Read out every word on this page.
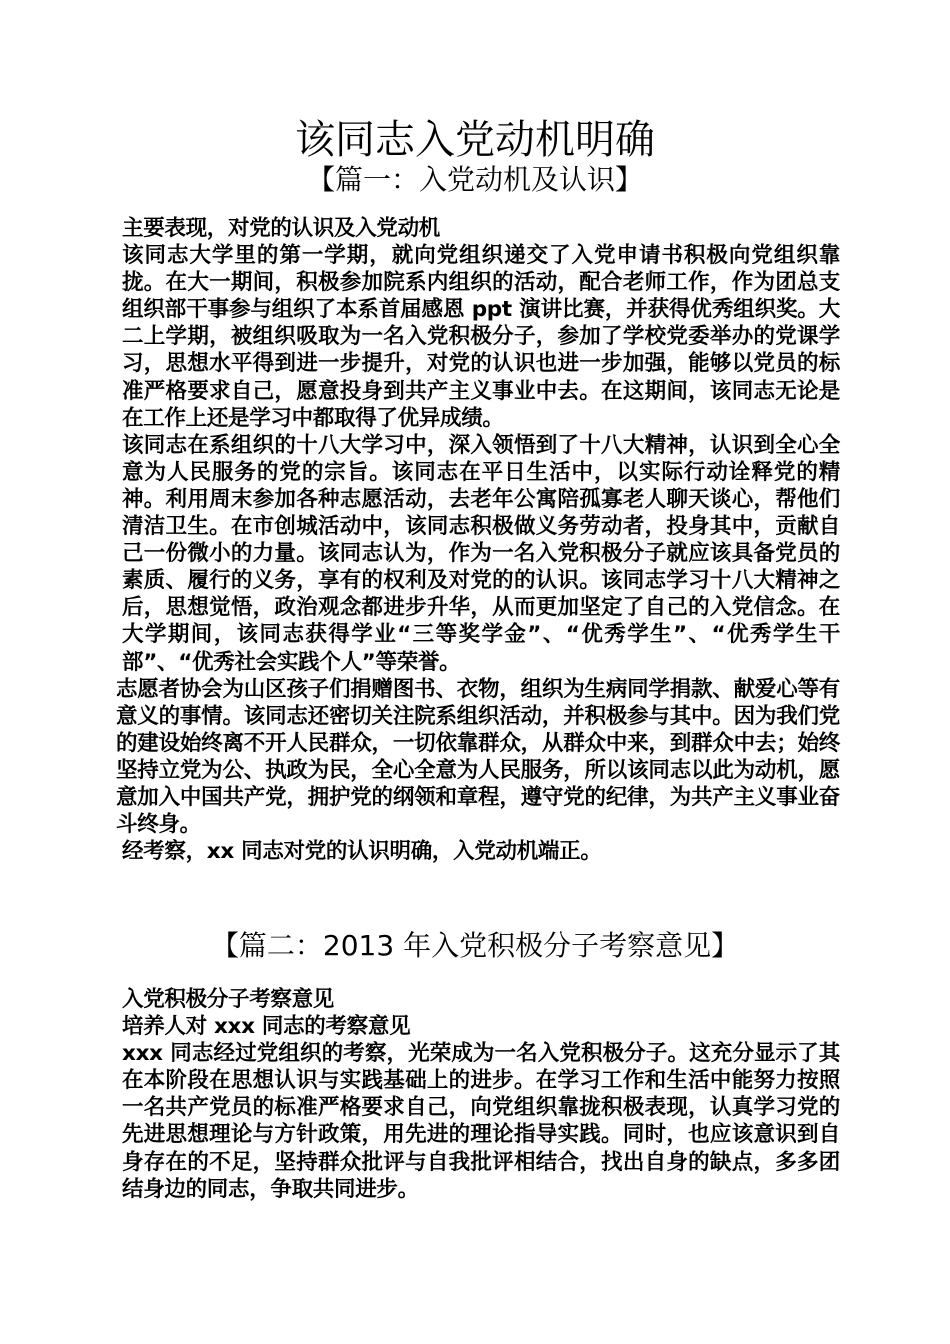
该同志入党动机明确
【篇一：入党动机及认识】

主要表现，对党的认识及入党动机

该同志大学里的第一学期，就向党组织递交了入党申请书积极向党组织靠拢。在大一期间，积极参加院系内组织的活动，配合老师工作，作为团总支组织部干事参与组织了本系首届感恩 ppt 演讲比赛，并获得优秀组织奖。大二上学期，被组织吸取为一名入党积极分子，参加了学校党委举办的党课学习，思想水平得到进一步提升，对党的认识也进一步加强，能够以党员的标准严格要求自己，愿意投身到共产主义事业中去。在这期间，该同志无论是在工作上还是学习中都取得了优异成绩。

该同志在系组织的十八大学习中，深入领悟到了十八大精神，认识到全心全意为人民服务的党的宗旨。该同志在平日生活中，以实际行动诠释党的精神。利用周末参加各种志愿活动，去老年公寓陪孤寡老人聊天谈心，帮他们清洁卫生。在市创城活动中，该同志积极做义务劳动者，投身其中，贡献自己一份微小的力量。该同志认为，作为一名入党积极分子就应该具备党员的素质、履行的义务，享有的权利及对党的的认识。该同志学习十八大精神之后，思想觉悟，政治观念都进步升华，从而更加坚定了自己的入党信念。在大学期间，该同志获得学业“三等奖学金”、“优秀学生”、“优秀学生干部”、“优秀社会实践个人”等荣誉。

志愿者协会为山区孩子们捐赠图书、衣物，组织为生病同学捐款、献爱心等有意义的事情。该同志还密切关注院系组织活动，并积极参与其中。因为我们党的建设始终离不开人民群众，一切依靠群众，从群众中来，到群众中去；始终坚持立党为公、执政为民，全心全意为人民服务，所以该同志以此为动机，愿意加入中国共产党，拥护党的纲领和章程，遵守党的纪律，为共产主义事业奋斗终身。

经考察，xx 同志对党的认识明确，入党动机端正。

【篇二：2013 年入党积极分子考察意见】

入党积极分子考察意见

培养人对 xxx 同志的考察意见

xxx 同志经过党组织的考察，光荣成为一名入党积极分子。这充分显示了其在本阶段在思想认识与实践基础上的进步。在学习工作和生活中能努力按照一名共产党员的标准严格要求自己，向党组织靠拢积极表现，认真学习党的先进思想理论与方针政策，用先进的理论指导实践。同时，也应该意识到自身存在的不足，坚持群众批评与自我批评相结合，找出自身的缺点，多多团结身边的同志，争取共同进步。
